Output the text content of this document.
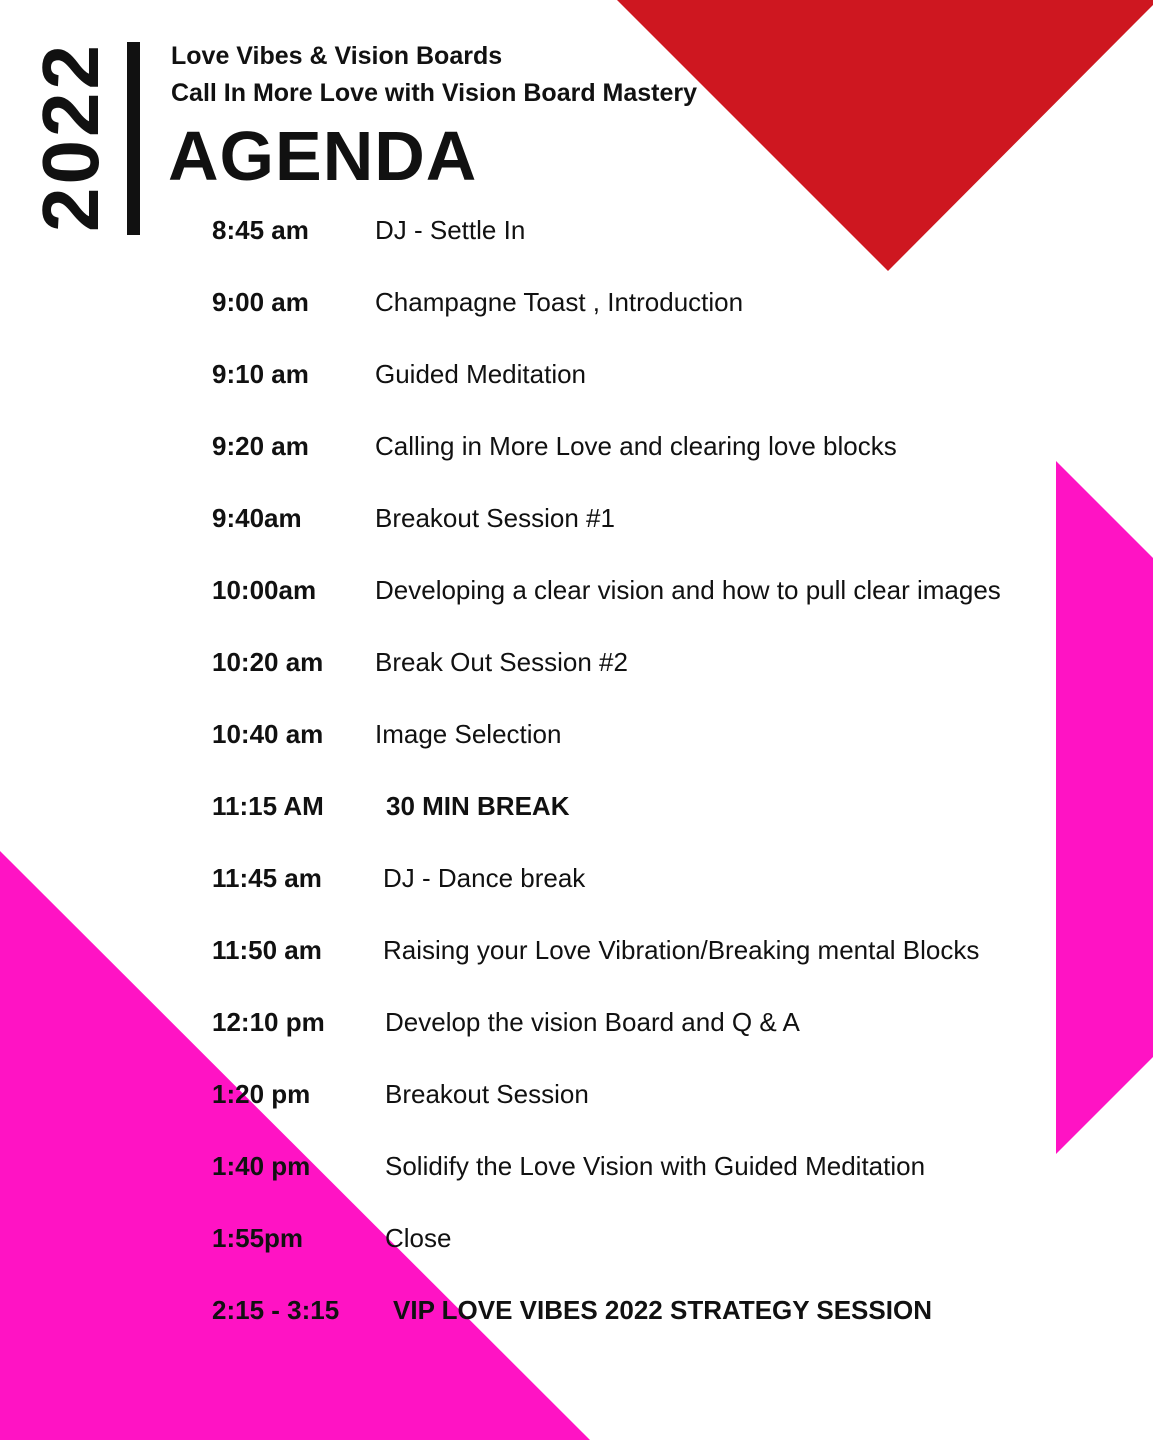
2022 Love Vibes & Vision Boards
Call In More Love with Vision Board Mastery
AGENDA
8:45 am	DJ - Settle In
9:00 am	Champagne Toast , Introduction
9:10 am	Guided Meditation
9:20 am	Calling in More Love and clearing love blocks
9:40am	Breakout Session #1
10:00am Developing a clear vision and how to pull clear images
10:20 am Break Out Session #2
10:40 am Image Selection
11:15 AM 30 MIN BREAK
11:45 am DJ - Dance break
11:50 am Raising your Love Vibration/Breaking mental Blocks
12:10 pm Develop the vision Board and Q & A
1:20 pm	Breakout Session
1:40 pm	Solidify the Love Vision with Guided Meditation
1:55pm	Close
2:15 - 3:15 VIP LOVE VIBES 2022 STRATEGY SESSION
